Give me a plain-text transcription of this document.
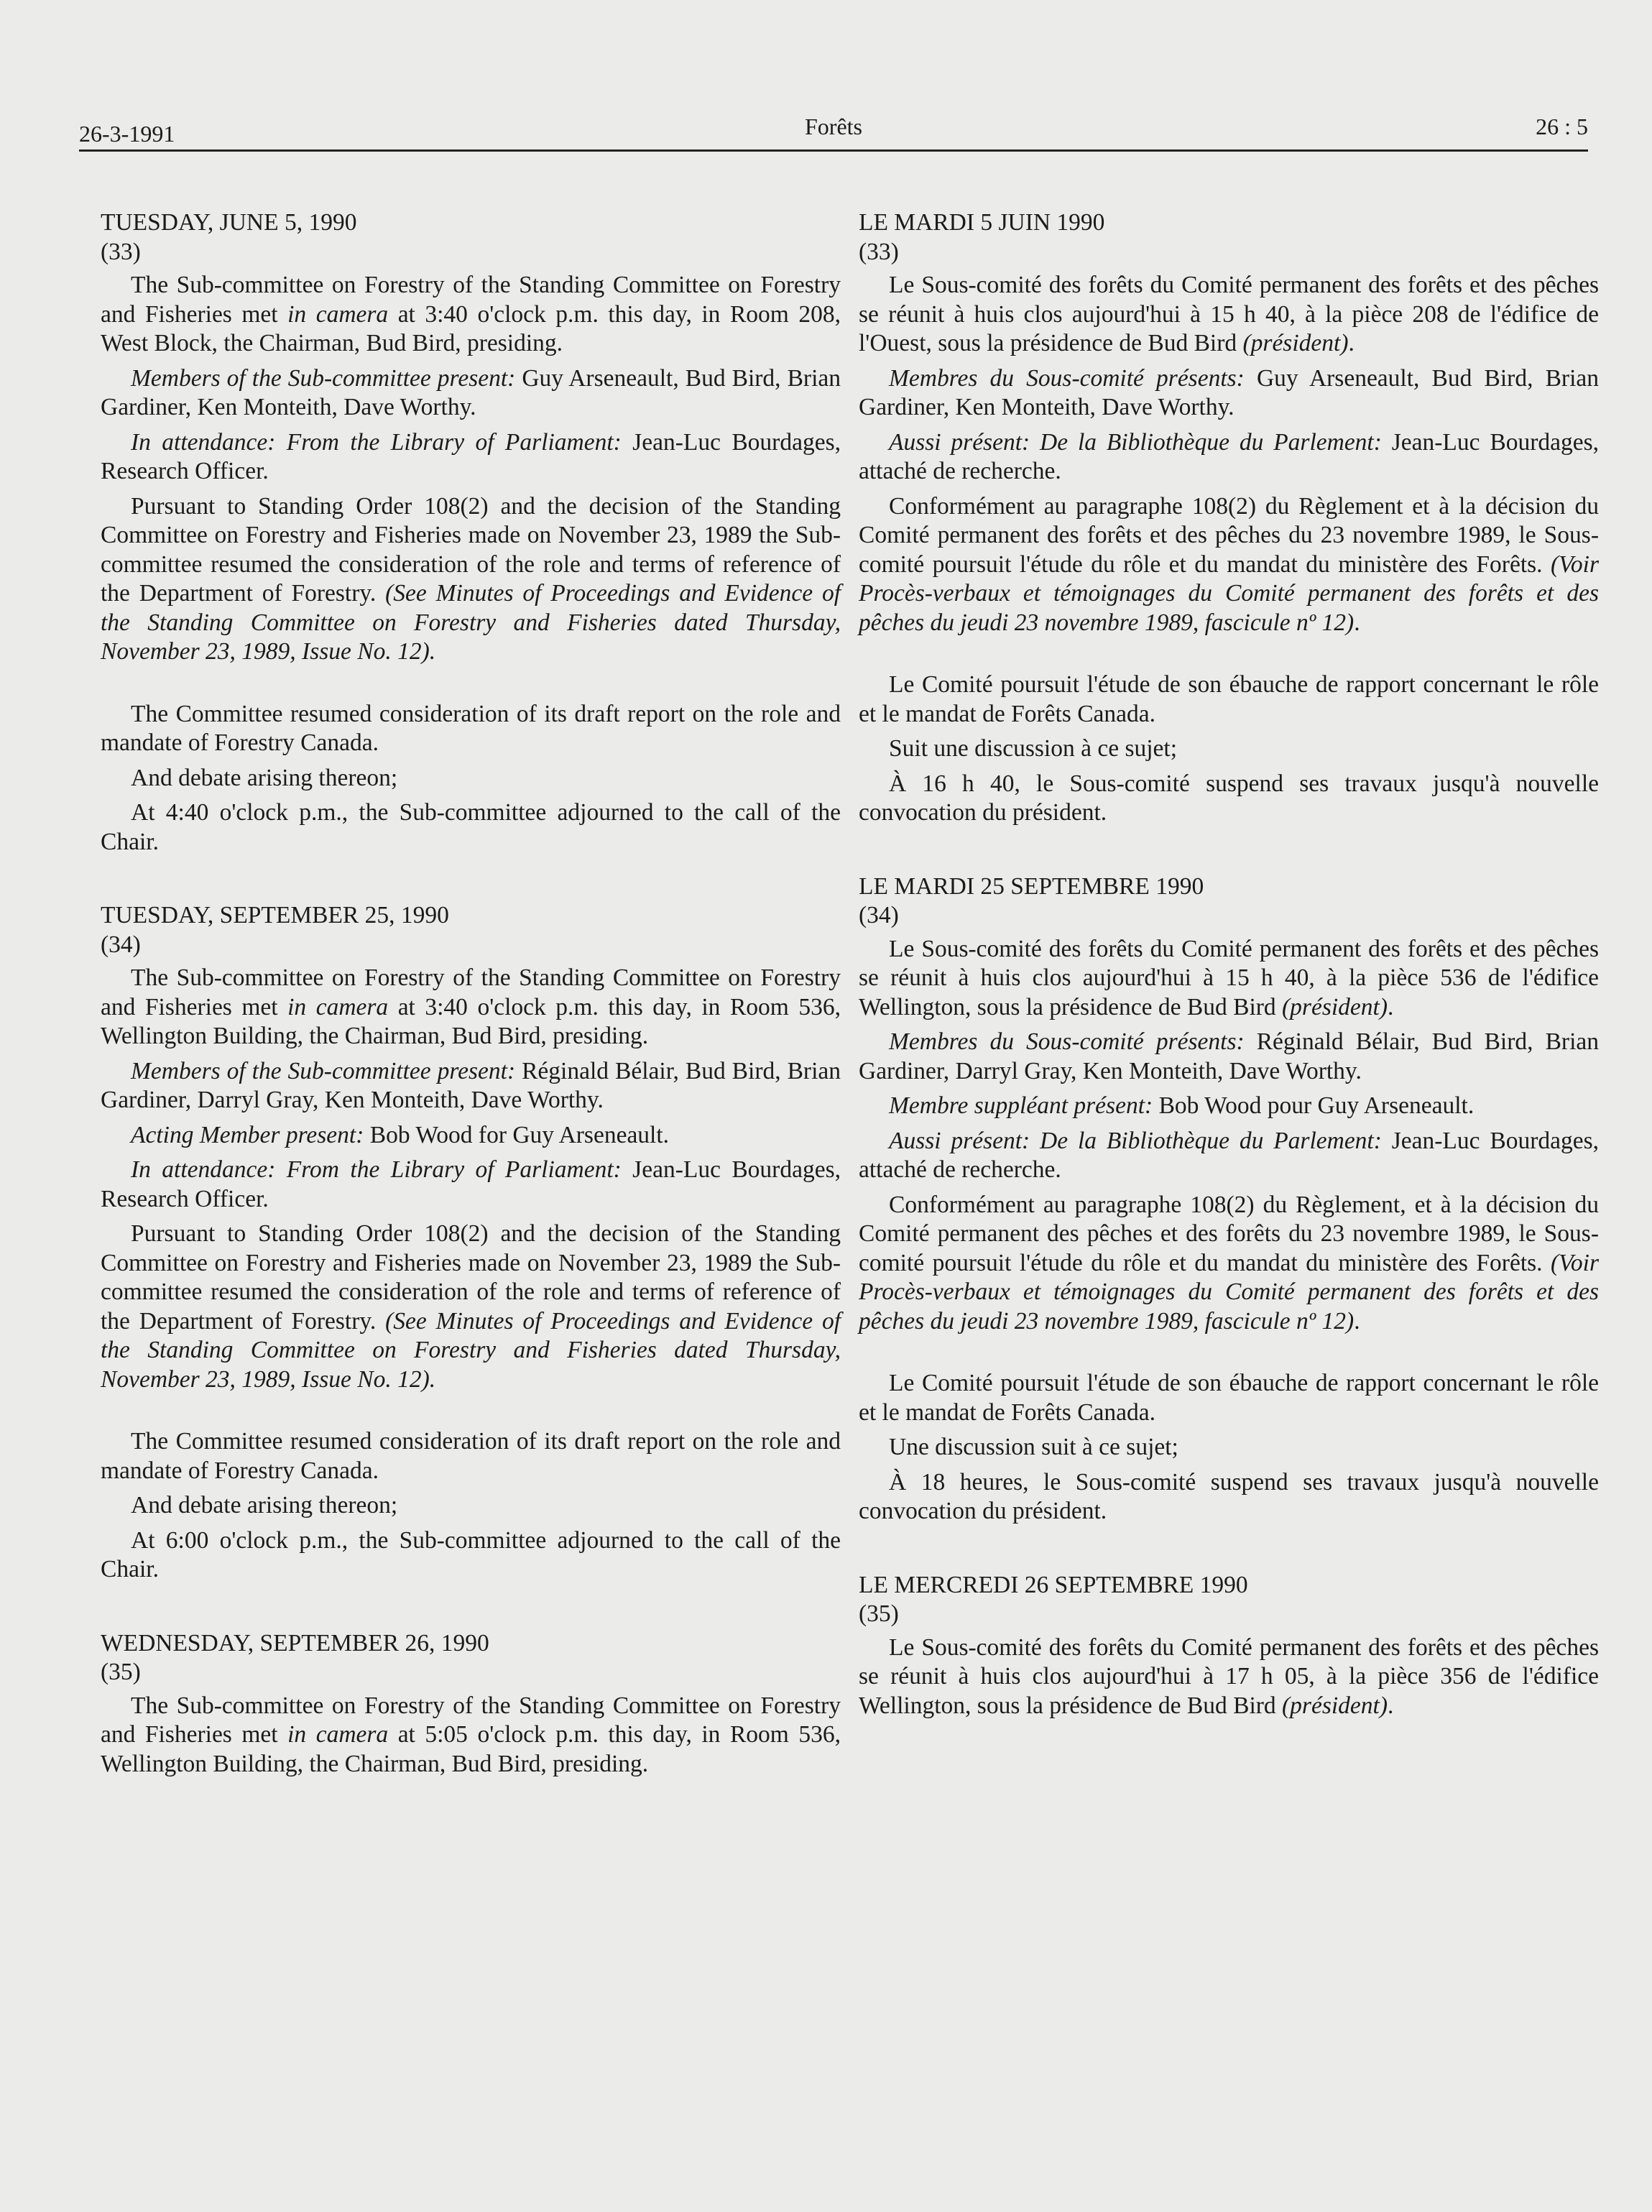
26-3-1991	Forêts	26 : 5
TUESDAY, JUNE 5, 1990
(33)

The Sub-committee on Forestry of the Standing Committee on Forestry and Fisheries met in camera at 3:40 o'clock p.m. this day, in Room 208, West Block, the Chairman, Bud Bird, presiding.

Members of the Sub-committee present: Guy Arseneault, Bud Bird, Brian Gardiner, Ken Monteith, Dave Worthy.

In attendance: From the Library of Parliament: Jean-Luc Bourdages, Research Officer.

Pursuant to Standing Order 108(2) and the decision of the Standing Committee on Forestry and Fisheries made on November 23, 1989 the Sub-committee resumed the consideration of the role and terms of reference of the Department of Forestry. (See Minutes of Proceedings and Evidence of the Standing Committee on Forestry and Fisheries dated Thursday, November 23, 1989, Issue No. 12).

The Committee resumed consideration of its draft report on the role and mandate of Forestry Canada.

And debate arising thereon;

At 4:40 o'clock p.m., the Sub-committee adjourned to the call of the Chair.

TUESDAY, SEPTEMBER 25, 1990
(34)

The Sub-committee on Forestry of the Standing Committee on Forestry and Fisheries met in camera at 3:40 o'clock p.m. this day, in Room 536, Wellington Building, the Chairman, Bud Bird, presiding.

Members of the Sub-committee present: Réginald Bélair, Bud Bird, Brian Gardiner, Darryl Gray, Ken Monteith, Dave Worthy.

Acting Member present: Bob Wood for Guy Arseneault.

In attendance: From the Library of Parliament: Jean-Luc Bourdages, Research Officer.

Pursuant to Standing Order 108(2) and the decision of the Standing Committee on Forestry and Fisheries made on November 23, 1989 the Sub-committee resumed the consideration of the role and terms of reference of the Department of Forestry. (See Minutes of Proceedings and Evidence of the Standing Committee on Forestry and Fisheries dated Thursday, November 23, 1989, Issue No. 12).

The Committee resumed consideration of its draft report on the role and mandate of Forestry Canada.

And debate arising thereon;

At 6:00 o'clock p.m., the Sub-committee adjourned to the call of the Chair.

WEDNESDAY, SEPTEMBER 26, 1990
(35)

The Sub-committee on Forestry of the Standing Committee on Forestry and Fisheries met in camera at 5:05 o'clock p.m. this day, in Room 536, Wellington Building, the Chairman, Bud Bird, presiding.

LE MARDI 5 JUIN 1990
(33)

Le Sous-comité des forêts du Comité permanent des forêts et des pêches se réunit à huis clos aujourd'hui à 15 h 40, à la pièce 208 de l'édifice de l'Ouest, sous la présidence de Bud Bird (président).

Membres du Sous-comité présents: Guy Arseneault, Bud Bird, Brian Gardiner, Ken Monteith, Dave Worthy.

Aussi présent: De la Bibliothèque du Parlement: Jean-Luc Bourdages, attaché de recherche.

Conformément au paragraphe 108(2) du Règlement et à la décision du Comité permanent des forêts et des pêches du 23 novembre 1989, le Sous-comité poursuit l'étude du rôle et du mandat du ministère des Forêts. (Voir Procès-verbaux et témoignages du Comité permanent des forêts et des pêches du jeudi 23 novembre 1989, fascicule nº 12).

Le Comité poursuit l'étude de son ébauche de rapport concernant le rôle et le mandat de Forêts Canada.

Suit une discussion à ce sujet;

À 16 h 40, le Sous-comité suspend ses travaux jusqu'à nouvelle convocation du président.

LE MARDI 25 SEPTEMBRE 1990
(34)

Le Sous-comité des forêts du Comité permanent des forêts et des pêches se réunit à huis clos aujourd'hui à 15 h 40, à la pièce 536 de l'édifice Wellington, sous la présidence de Bud Bird (président).

Membres du Sous-comité présents: Réginald Bélair, Bud Bird, Brian Gardiner, Darryl Gray, Ken Monteith, Dave Worthy.

Membre suppléant présent: Bob Wood pour Guy Arseneault.

Aussi présent: De la Bibliothèque du Parlement: Jean-Luc Bourdages, attaché de recherche.

Conformément au paragraphe 108(2) du Règlement, et à la décision du Comité permanent des pêches et des forêts du 23 novembre 1989, le Sous-comité poursuit l'étude du rôle et du mandat du ministère des Forêts. (Voir Procès-verbaux et témoignages du Comité permanent des forêts et des pêches du jeudi 23 novembre 1989, fascicule nº 12).

Le Comité poursuit l'étude de son ébauche de rapport concernant le rôle et le mandat de Forêts Canada.

Une discussion suit à ce sujet;

À 18 heures, le Sous-comité suspend ses travaux jusqu'à nouvelle convocation du président.

LE MERCREDI 26 SEPTEMBRE 1990
(35)

Le Sous-comité des forêts du Comité permanent des forêts et des pêches se réunit à huis clos aujourd'hui à 17 h 05, à la pièce 356 de l'édifice Wellington, sous la présidence de Bud Bird (président).
